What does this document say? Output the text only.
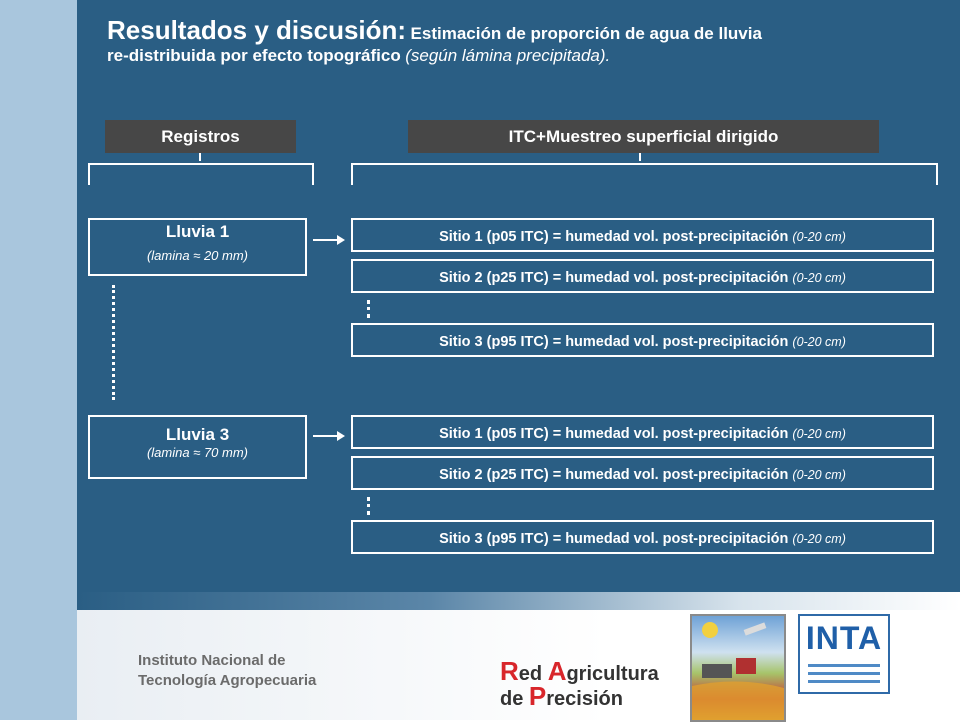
Resultados y discusión: Estimación de proporción de agua de lluvia
re-distribuida por efecto topográfico (según lámina precipitada).
Registros	ITC+Muestreo superficial dirigido
Lluvia 1
(lamina ≈ 20 mm)
Lluvia 3
(lamina ≈ 70 mm)
Sitio 1 (p05 ITC) = humedad vol. post-precipitación (0-20 cm)
Sitio 2 (p25 ITC) = humedad vol. post-precipitación (0-20 cm)
Sitio 3 (p95 ITC) = humedad vol. post-precipitación (0-20 cm)
Sitio 1 (p05 ITC) = humedad vol. post-precipitación (0-20 cm)
Sitio 2 (p25 ITC) = humedad vol. post-precipitación (0-20 cm)
Sitio 3 (p95 ITC) = humedad vol. post-precipitación (0-20 cm)
Instituto Nacional de
Tecnología Agropecuaria	Red Agricultura
de Precisión
INTA
